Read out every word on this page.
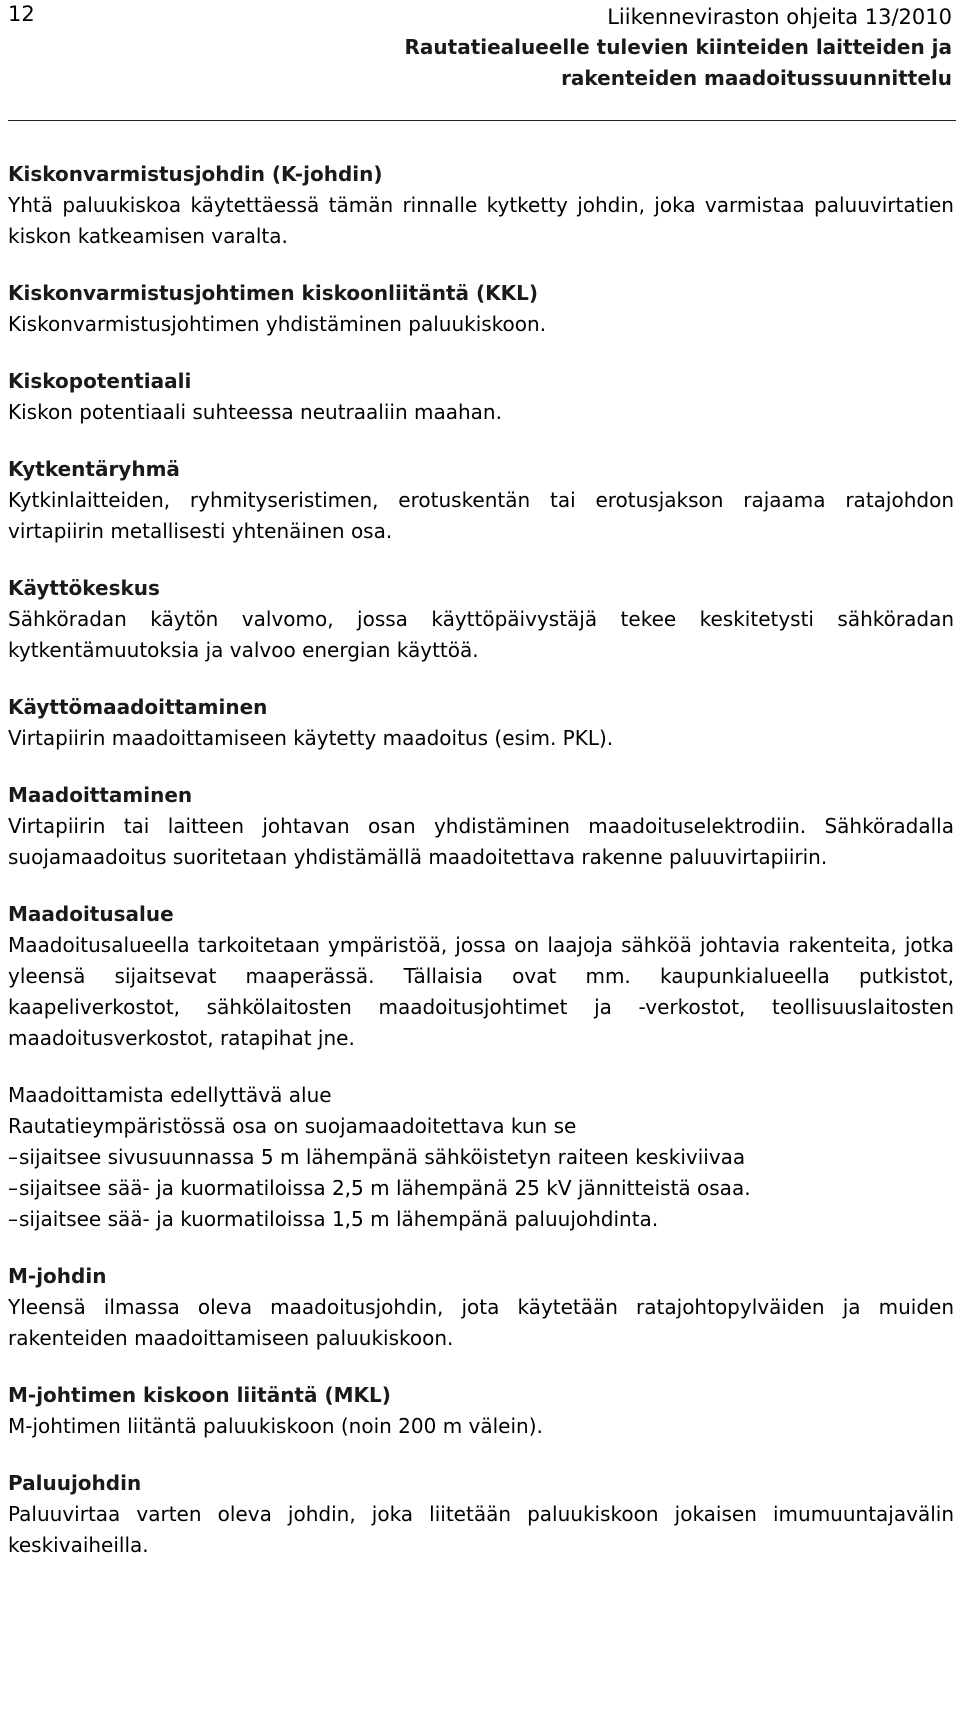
12	Liikenneviraston ohjeita 13/2010
Rautatiealueelle tulevien kiinteiden laitteiden ja
rakenteiden maadoitussuunnittelu
Kiskonvarmistusjohdin (K-johdin)
Yhtä paluukiskoa käytettäessä tämän rinnalle kytketty johdin, joka varmistaa paluuvirtatien kiskon katkeamisen varalta.
Kiskonvarmistusjohtimen kiskoonliitäntä (KKL)
Kiskonvarmistusjohtimen yhdistäminen paluukiskoon.
Kiskopotentiaali
Kiskon potentiaali suhteessa neutraaliin maahan.
Kytkentäryhmä
Kytkinlaitteiden, ryhmityseristimen, erotuskentän tai erotusjakson rajaama ratajohdon virtapiirin metallisesti yhtenäinen osa.
Käyttökeskus
Sähköradan käytön valvomo, jossa käyttöpäivystäjä tekee keskitetysti sähköradan kytkentämuutoksia ja valvoo energian käyttöä.
Käyttömaadoittaminen
Virtapiirin maadoittamiseen käytetty maadoitus (esim. PKL).
Maadoittaminen
Virtapiirin tai laitteen johtavan osan yhdistäminen maadoituselektrodiin. Sähköradalla suojamaadoitus suoritetaan yhdistämällä maadoitettava rakenne paluuvirtapiirin.
Maadoitusalue
Maadoitusalueella tarkoitetaan ympäristöä, jossa on laajoja sähköä johtavia rakenteita, jotka yleensä sijaitsevat maaperässä. Tällaisia ovat mm. kaupunkialueella putkistot, kaapeliverkostot, sähkölaitosten maadoitusjohtimet ja -verkostot, teollisuuslaitosten maadoitusverkostot, ratapihat jne.
Maadoittamista edellyttävä alue
Rautatieympäristössä osa on suojamaadoitettava kun se
–sijaitsee sivusuunnassa 5 m lähempänä sähköistetyn raiteen keskiviivaa
–sijaitsee sää- ja kuormatiloissa 2,5 m lähempänä 25 kV jännitteistä osaa.
–sijaitsee sää- ja kuormatiloissa 1,5 m lähempänä paluujohdinta.
M-johdin
Yleensä ilmassa oleva maadoitusjohdin, jota käytetään ratajohtopylväiden ja muiden rakenteiden maadoittamiseen paluukiskoon.
M-johtimen kiskoon liitäntä (MKL)
M-johtimen liitäntä paluukiskoon (noin 200 m välein).
Paluujohdin
Paluuvirtaa varten oleva johdin, joka liitetään paluukiskoon jokaisen imumuuntajavälin keskivaiheilla.
